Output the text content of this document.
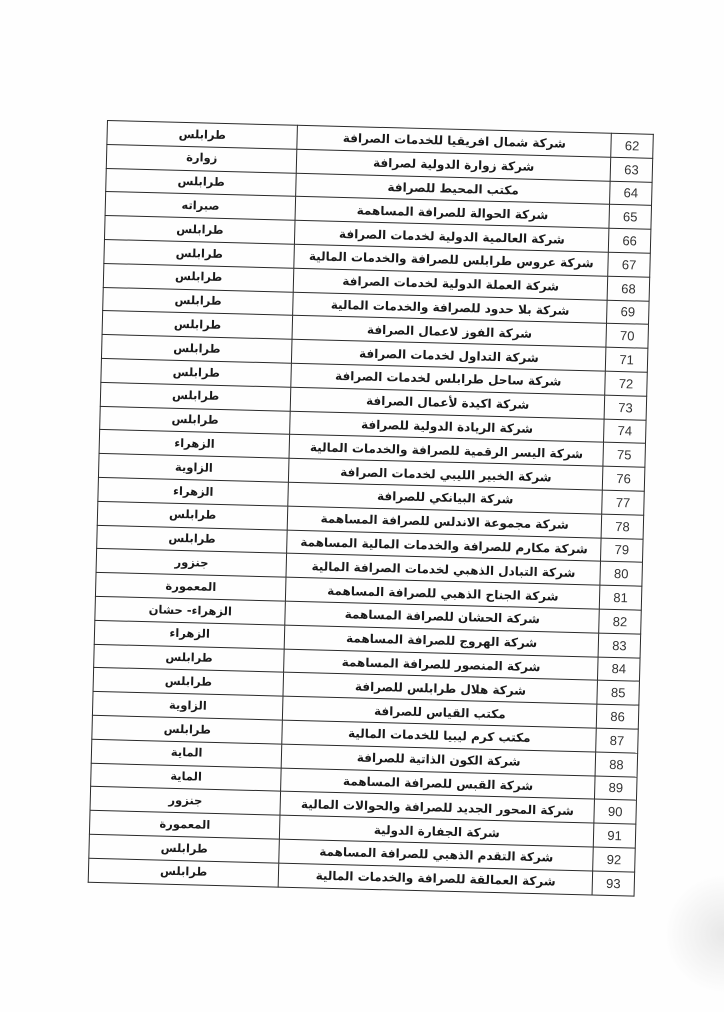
62	شركة شمال افريقيا للخدمات الصرافة	طرابلس
63	شركة زوارة الدولية لصرافة	زوارة
64	مكتب المحيط للصرافة	طرابلس
65	شركة الحوالة للصرافة المساهمة	صبراته
66	شركة العالمية الدولية لخدمات الصرافة	طرابلس
67	شركة عروس طرابلس للصرافة والخدمات المالية	طرابلس
68	شركة العملة الدولية لخدمات الصرافة	طرابلس
69	شركة بلا حدود للصرافة والخدمات المالية	طرابلس
70	شركة الفوز لاعمال الصرافة	طرابلس
71	شركة التداول لخدمات الصرافة	طرابلس
72	شركة ساحل طرابلس لخدمات الصرافة	طرابلس
73	شركة اكيدة لأعمال الصرافة	طرابلس
74	شركة الريادة الدولية للصرافة	طرابلس
75	شركة اليسر الرقمية للصرافة والخدمات المالية	الزهراء
76	شركة الخبير الليبي لخدمات الصرافة	الزاوية
77	شركة البيانكي للصرافة	الزهراء
78	شركة مجموعة الاندلس للصرافة المساهمة	طرابلس
79	شركة مكارم للصرافة والخدمات المالية المساهمة	طرابلس
80	شركة التبادل الذهبي لخدمات الصرافة المالية	جنزور
81	شركة الجناح الذهبي للصرافة المساهمة	المعمورة
82	شركة الحشان للصرافة المساهمة	الزهراء- حشان
83	شركة الهروج للصرافة المساهمة	الزهراء
84	شركة المنصور للصرافة المساهمة	طرابلس
85	شركة هلال طرابلس للصرافة	طرابلس
86	مكتب القياس للصرافة	الزاوية
87	مكتب كرم ليبيا للخدمات المالية	طرابلس
88	شركة الكون الذاتية للصرافة	الماية
89	شركة القبس للصرافة المساهمة	الماية
90	شركة المحور الجديد للصرافة والحوالات المالية	جنزور
91	شركة الجفارة الدولية	المعمورة
92	شركة التقدم الذهبي للصرافة المساهمة	طرابلس
93	شركة العمالقة للصرافة والخدمات المالية	طرابلس
